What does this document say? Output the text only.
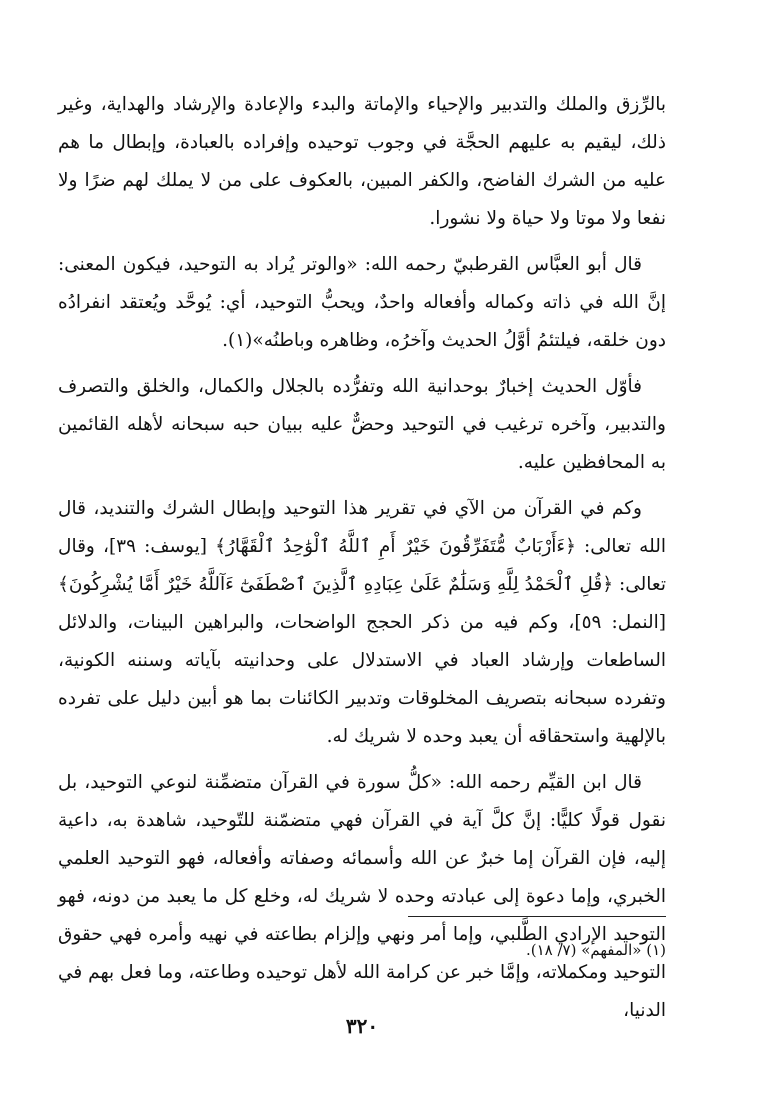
بالرِّزق والملك والتدبير والإحياء والإماتة والبدء والإعادة والإرشاد والهداية، وغير ذلك، ليقيم به عليهم الحجَّة في وجوب توحيده وإفراده بالعبادة، وإبطال ما هم عليه من الشرك الفاضح، والكفر المبين، بالعكوف على من لا يملك لهم ضرًا ولا نفعا ولا موتا ولا حياة ولا نشورا.

قال أبو العبَّاس القرطبيّ رحمه الله: «والوتر يُراد به التوحيد، فيكون المعنى: إنَّ الله في ذاته وكماله وأفعاله واحدٌ، ويحبُّ التوحيد، أي: يُوحَّد ويُعتقد انفرادُه دون خلقه، فيلتئمُ أوَّلُ الحديث وآخرُه، وظاهره وباطنُه»(١).

فأوّل الحديث إخبارٌ بوحدانية الله وتفرُّده بالجلال والكمال، والخلق والتصرف والتدبير، وآخره ترغيب في التوحيد وحضٌّ عليه ببيان حبه سبحانه لأهله القائمين به المحافظين عليه.

وكم في القرآن من الآي في تقرير هذا التوحيد وإبطال الشرك والتنديد، قال الله تعالى: ﴿ءَأَرْبَابٌ مُّتَفَرِّقُونَ خَيْرٌ أَمِ ٱللَّهُ ٱلْوَٰحِدُ ٱلْقَهَّارُ﴾ [يوسف: ٣٩]، وقال تعالى: ﴿قُلِ ٱلْحَمْدُ لِلَّهِ وَسَلَٰمٌ عَلَىٰ عِبَادِهِ ٱلَّذِينَ ٱصْطَفَىٰٓ ءَآللَّهُ خَيْرٌ أَمَّا يُشْرِكُونَ﴾ [النمل: ٥٩]، وكم فيه من ذكر الحجج الواضحات، والبراهين البينات، والدلائل الساطعات وإرشاد العباد في الاستدلال على وحدانيته بآياته وسننه الكونية، وتفرده سبحانه بتصريف المخلوقات وتدبير الكائنات بما هو أبين دليل على تفرده بالإلهية واستحقاقه أن يعبد وحده لا شريك له.

قال ابن القيِّم رحمه الله: «كلُّ سورة في القرآن متضمِّنة لنوعي التوحيد، بل نقول قولًا كليًّا: إنَّ كلَّ آية في القرآن فهي متضمّنة للتّوحيد، شاهدة به، داعية إليه، فإن القرآن إما خبرٌ عن الله وأسمائه وصفاته وأفعاله، فهو التوحيد العلمي الخبري، وإما دعوة إلى عبادته وحده لا شريك له، وخلع كل ما يعبد من دونه، فهو التوحيد الإرادي الطَّلبي، وإما أمر ونهي وإلزام بطاعته في نهيه وأمره فهي حقوق التوحيد ومكملاته، وإمَّا خبر عن كرامة الله لأهل توحيده وطاعته، وما فعل بهم في الدنيا،

(١) «المفهم» (٧/ ١٨).
٣٢٠
